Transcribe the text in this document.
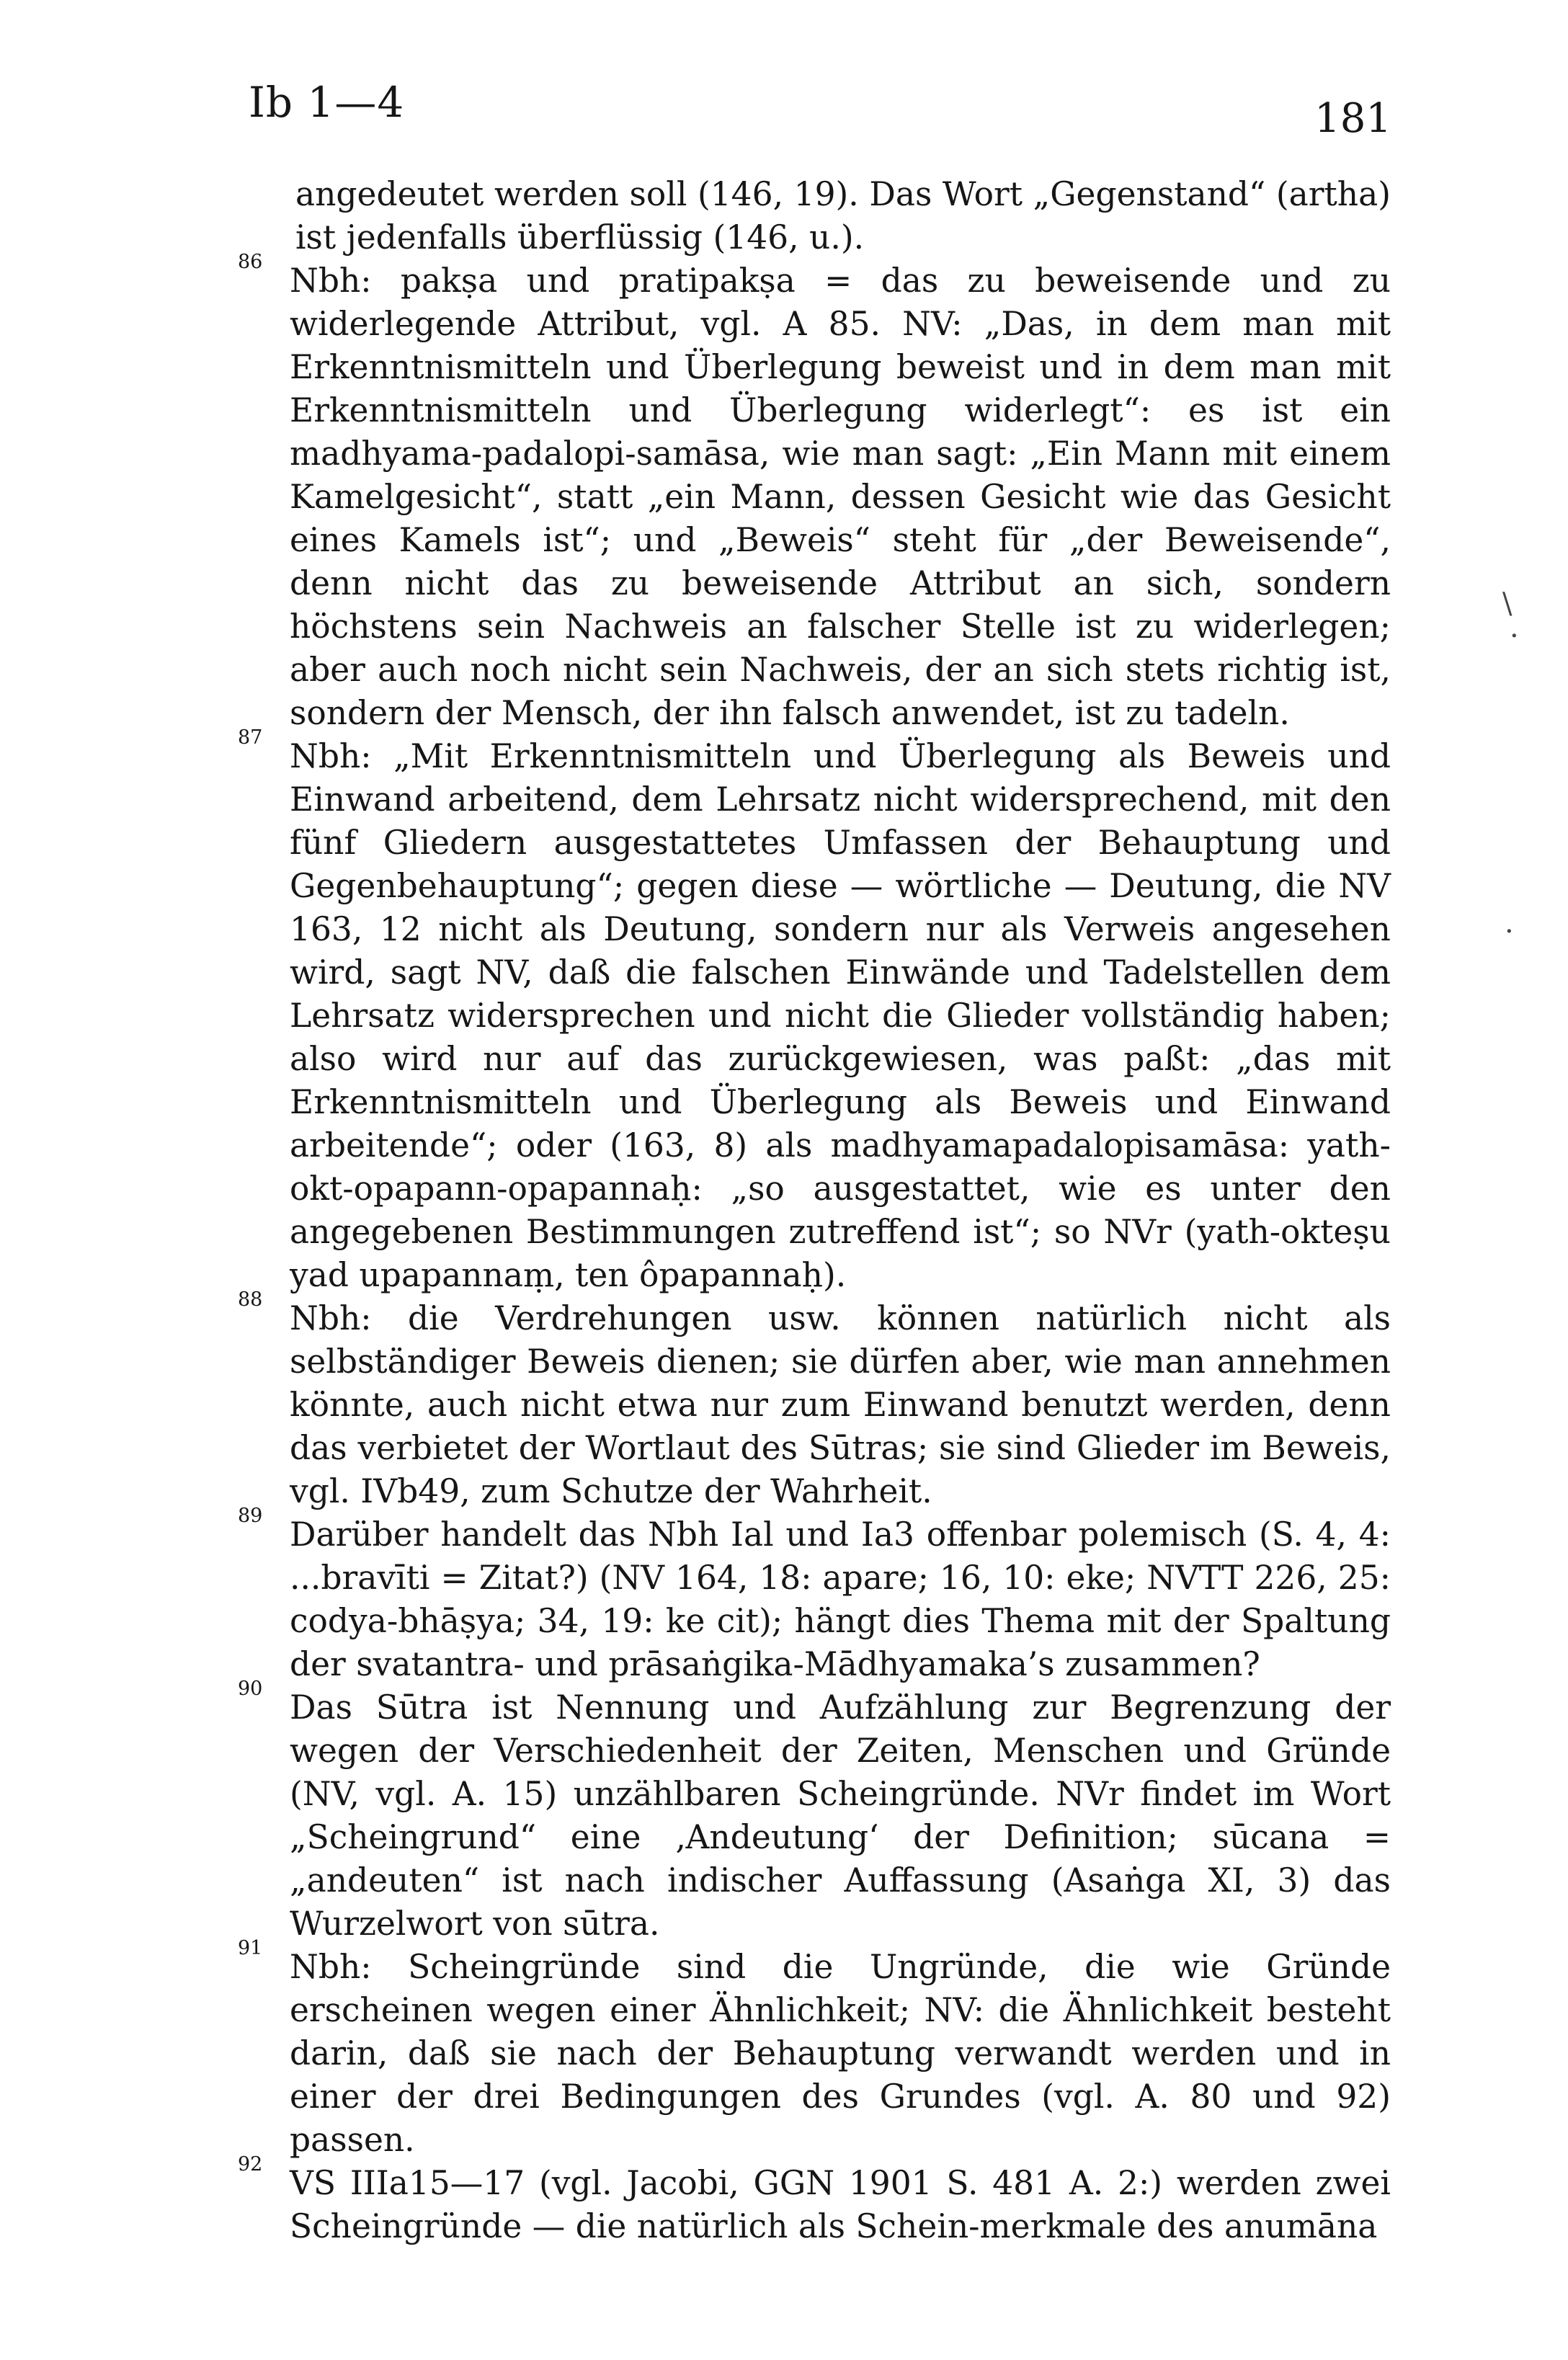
Ib 1—4	181
angedeutet werden soll (146, 19). Das Wort „Gegenstand“ (artha) ist jedenfalls überflüssig (146, u.).
86 Nbh: pakṣa und pratipakṣa = das zu beweisende und zu widerlegende Attribut, vgl. A 85. NV: „Das, in dem man mit Erkenntnismitteln und Überlegung beweist und in dem man mit Erkenntnismitteln und Überlegung widerlegt“: es ist ein madhyama-padalopi-samāsa, wie man sagt: „Ein Mann mit einem Kamelgesicht“, statt „ein Mann, dessen Gesicht wie das Gesicht eines Kamels ist“; und „Beweis“ steht für „der Beweisende“, denn nicht das zu beweisende Attribut an sich, sondern höchstens sein Nachweis an falscher Stelle ist zu widerlegen; aber auch noch nicht sein Nachweis, der an sich stets richtig ist, sondern der Mensch, der ihn falsch anwendet, ist zu tadeln.
87 Nbh: „Mit Erkenntnismitteln und Überlegung als Beweis und Einwand arbeitend, dem Lehrsatz nicht widersprechend, mit den fünf Gliedern ausgestattetes Umfassen der Behauptung und Gegenbehauptung“; gegen diese — wörtliche — Deutung, die NV 163, 12 nicht als Deutung, sondern nur als Verweis angesehen wird, sagt NV, daß die falschen Einwände und Tadelstellen dem Lehrsatz widersprechen und nicht die Glieder vollständig haben; also wird nur auf das zurückgewiesen, was paßt: „das mit Erkenntnismitteln und Überlegung als Beweis und Einwand arbeitende“; oder (163, 8) als madhyamapadalopisamāsa: yath-okt-opapann-opapannaḥ: „so ausgestattet, wie es unter den angegebenen Bestimmungen zutreffend ist“; so NVr (yath-okteṣu yad upapannaṃ, ten ôpapannaḥ).
88 Nbh: die Verdrehungen usw. können natürlich nicht als selbständiger Beweis dienen; sie dürfen aber, wie man annehmen könnte, auch nicht etwa nur zum Einwand benutzt werden, denn das verbietet der Wortlaut des Sūtras; sie sind Glieder im Beweis, vgl. IVb49, zum Schutze der Wahrheit.
89 Darüber handelt das Nbh Ial und Ia3 offenbar polemisch (S. 4, 4: ...bravīti = Zitat?) (NV 164, 18: apare; 16, 10: eke; NVTT 226, 25: codya-bhāṣya; 34, 19: ke cit); hängt dies Thema mit der Spaltung der svatantra- und prāsaṅgika-Mādhyamaka’s zusammen?
90 Das Sūtra ist Nennung und Aufzählung zur Begrenzung der wegen der Verschiedenheit der Zeiten, Menschen und Gründe (NV, vgl. A. 15) unzählbaren Scheingründe. NVr findet im Wort „Scheingrund“ eine ‚Andeutung‘ der Definition; sūcana = „andeuten“ ist nach indischer Auffassung (Asaṅga XI, 3) das Wurzelwort von sūtra.
91 Nbh: Scheingründe sind die Ungründe, die wie Gründe erscheinen wegen einer Ähnlichkeit; NV: die Ähnlichkeit besteht darin, daß sie nach der Behauptung verwandt werden und in einer der drei Bedingungen des Grundes (vgl. A. 80 und 92) passen.
92 VS IIIa15—17 (vgl. Jacobi, GGN 1901 S. 481 A. 2:) werden zwei Scheingründe — die natürlich als Schein-merkmale des anumāna
\
·
·
